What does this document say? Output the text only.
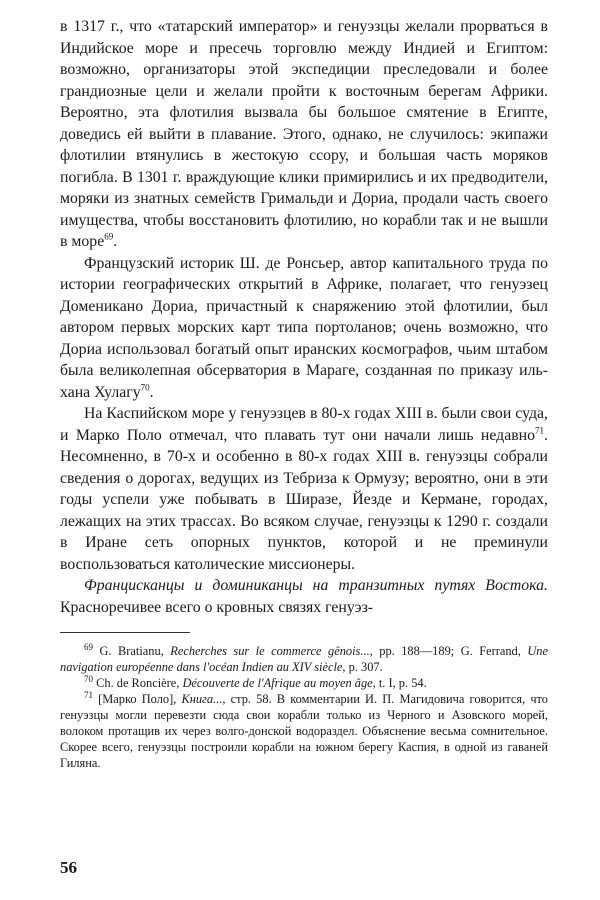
в 1317 г., что «татарский император» и генуэзцы желали прорваться в Индийское море и пресечь торговлю между Индией и Египтом: возможно, организаторы этой экспедиции преследовали и более грандиозные цели и желали пройти к восточным берегам Африки. Вероятно, эта флотилия вызвала бы большое смятение в Египте, доведись ей выйти в плавание. Этого, однако, не случилось: экипажи флотилии втянулись в жестокую ссору, и большая часть моряков погибла. В 1301 г. враждующие клики примирились и их предводители, моряки из знатных семейств Гримальди и Дориа, продали часть своего имущества, чтобы восстановить флотилию, но корабли так и не вышли в море$^{69}$.

Французский историк Ш. де Ронсьер, автор капитального труда по истории географических открытий в Африке, полагает, что генуэзец Доменикано Дориа, причастный к снаряжению этой флотилии, был автором первых морских карт типа портоланов; очень возможно, что Дориа использовал богатый опыт иранских космографов, чьим штабом была великолепная обсерватория в Мараге, созданная по приказу иль-хана Хулагу$^{70}$.

На Каспийском море у генуэзцев в 80-х годах XIII в. были свои суда, и Марко Поло отмечал, что плавать тут они начали лишь недавно$^{71}$. Несомненно, в 70-х и особенно в 80-х годах XIII в. генуэзцы собрали сведения о дорогах, ведущих из Тебриза к Ормузу; вероятно, они в эти годы успели уже побывать в Ширазе, Йезде и Кермане, городах, лежащих на этих трассах. Во всяком случае, генуэзцы к 1290 г. создали в Иране сеть опорных пунктов, которой и не преминули воспользоваться католические миссионеры.

Францисканцы и доминиканцы на транзитных путях Востока. Красноречивее всего о кровных связях генуэз-

$^{69}$ G. Bratianu, Recherches sur le commerce gênois..., pp. 188—189; G. Ferrand, Une navigation européenne dans l'océan Indien au XIV siècle, p. 307.

$^{70}$ Ch. de Roncière, Découverte de l'Afrique au moyen âge, t. I, p. 54.

$^{71}$ [Марко Поло], Книга..., стр. 58. В комментарии И. П. Магидовича говорится, что генуэзцы могли перевезти сюда свои корабли только из Черного и Азовского морей, волоком протащив их через волго-донской водораздел. Объяснение весьма сомнительное. Скорее всего, генуэзцы построили корабли на южном берегу Каспия, в одной из гаваней Гиляна.

56
